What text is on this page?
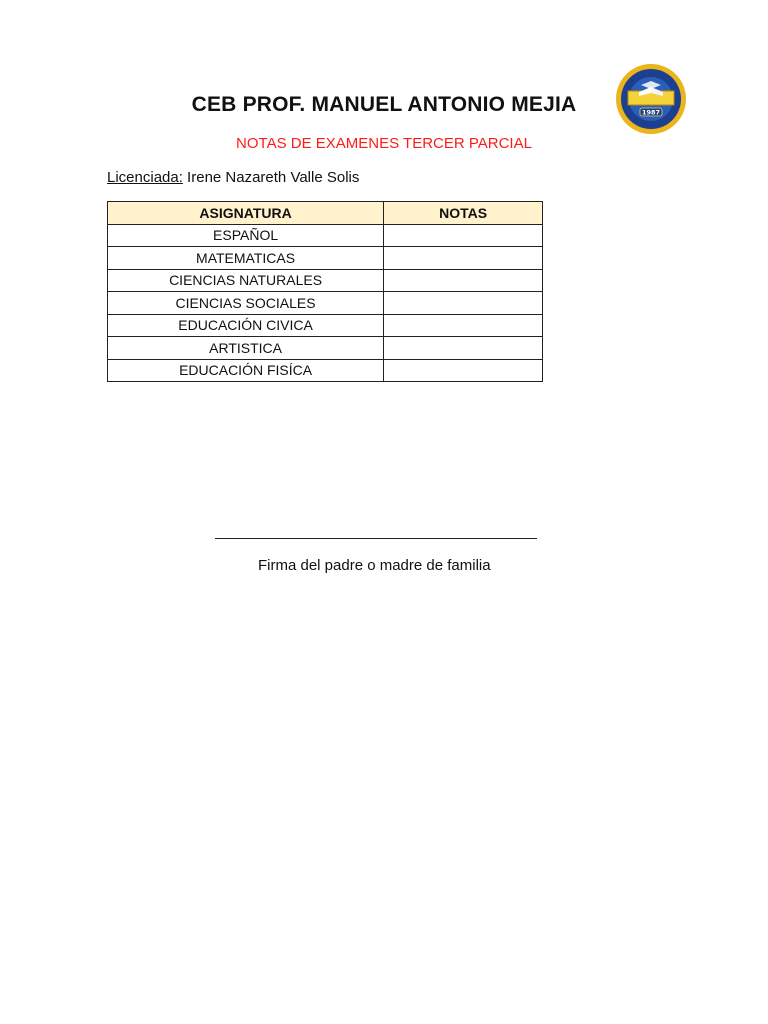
CEB PROF. MANUEL ANTONIO MEJIA
NOTAS DE EXAMENES TERCER PARCIAL
1987
Licenciada: Irene Nazareth Valle Solis
ASIGNATURA	NOTAS
ESPAÑOL	
MATEMATICAS	
CIENCIAS NATURALES	
CIENCIAS SOCIALES	
EDUCACIÓN CIVICA	
ARTISTICA	
EDUCACIÓN FISÍCA	
Firma del padre o madre de familia
